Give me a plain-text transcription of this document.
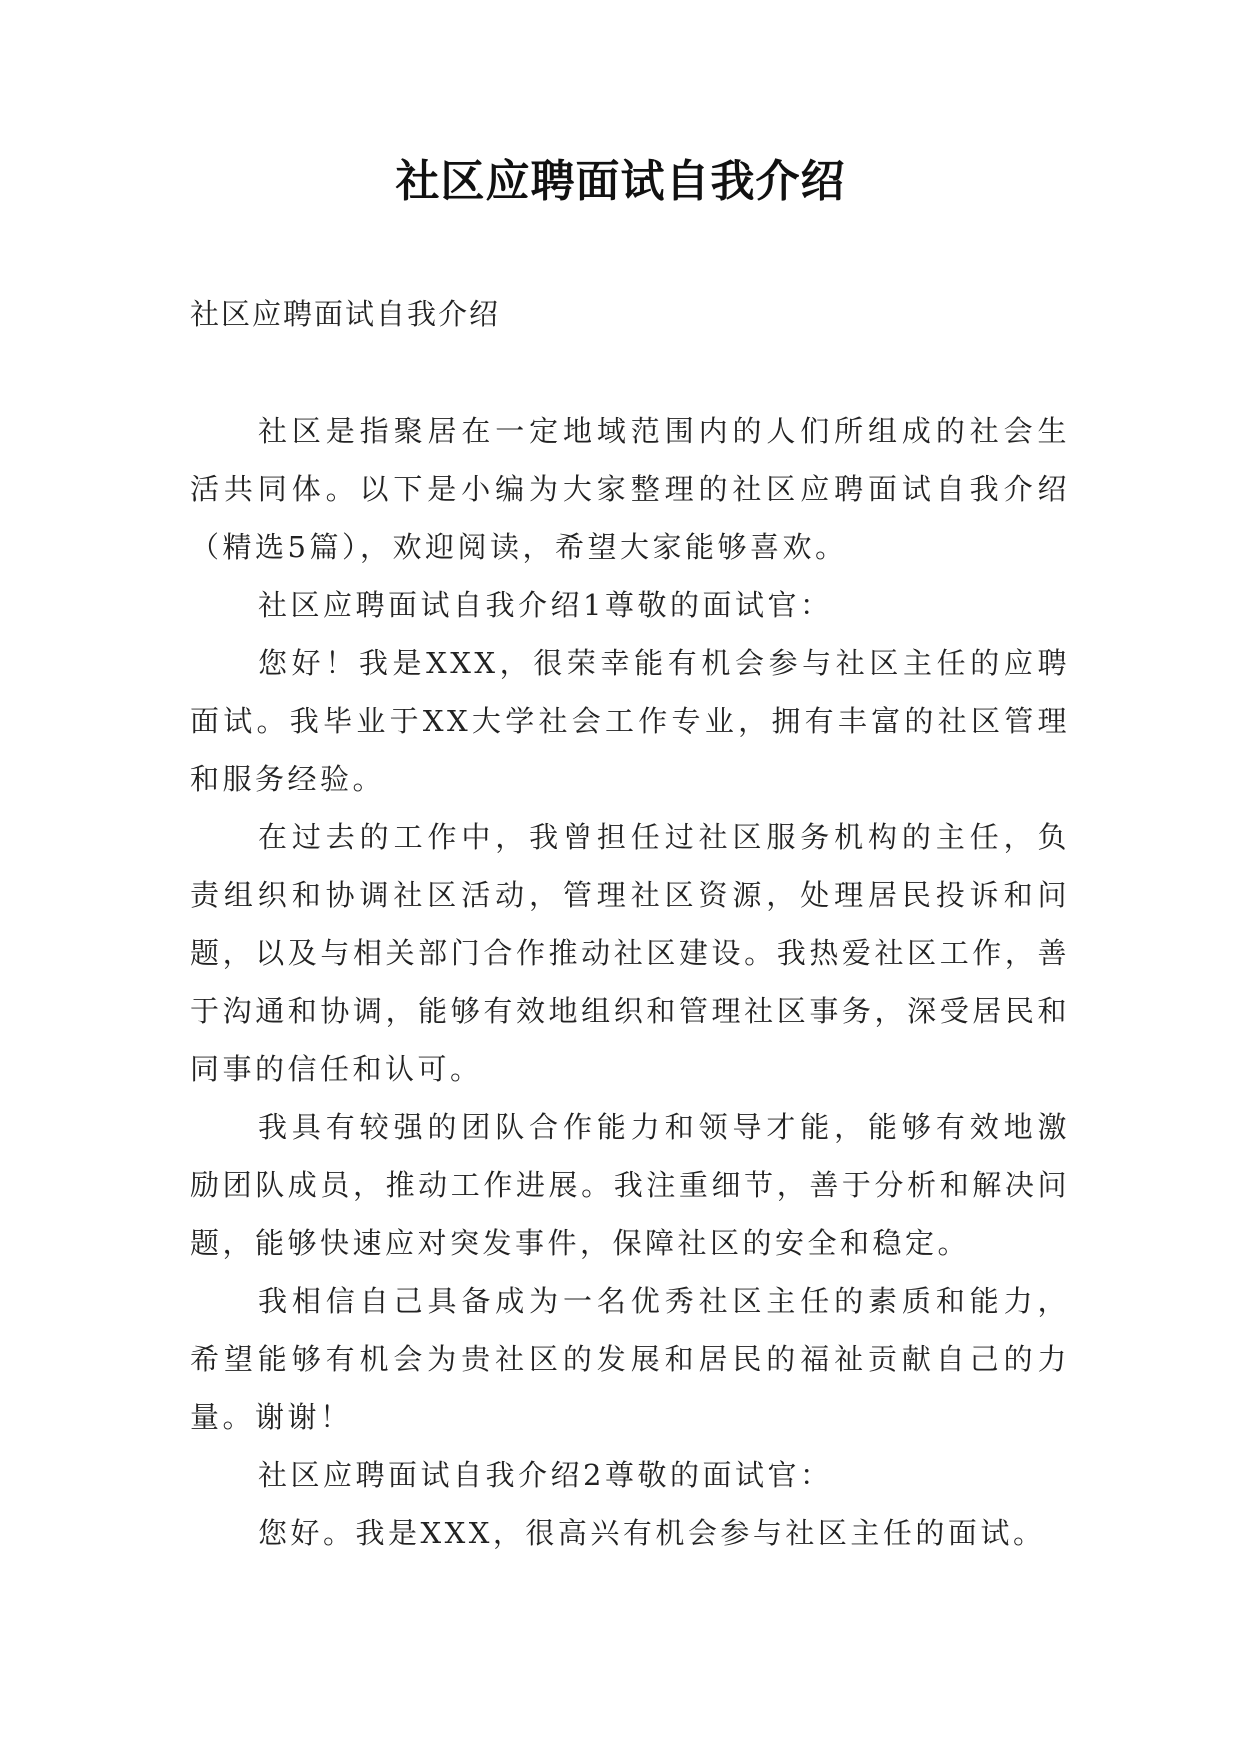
社区应聘面试自我介绍

社区应聘面试自我介绍

社区是指聚居在一定地域范围内的人们所组成的社会生活共同体。以下是小编为大家整理的社区应聘面试自我介绍（精选5篇），欢迎阅读，希望大家能够喜欢。

社区应聘面试自我介绍1尊敬的面试官：

您好！我是XXX，很荣幸能有机会参与社区主任的应聘面试。我毕业于XX大学社会工作专业，拥有丰富的社区管理和服务经验。

在过去的工作中，我曾担任过社区服务机构的主任，负责组织和协调社区活动，管理社区资源，处理居民投诉和问题，以及与相关部门合作推动社区建设。我热爱社区工作，善于沟通和协调，能够有效地组织和管理社区事务，深受居民和同事的信任和认可。

我具有较强的团队合作能力和领导才能，能够有效地激励团队成员，推动工作进展。我注重细节，善于分析和解决问题，能够快速应对突发事件，保障社区的安全和稳定。

我相信自己具备成为一名优秀社区主任的素质和能力，希望能够有机会为贵社区的发展和居民的福祉贡献自己的力量。谢谢！

社区应聘面试自我介绍2尊敬的面试官：

您好。我是XXX，很高兴有机会参与社区主任的面试。
